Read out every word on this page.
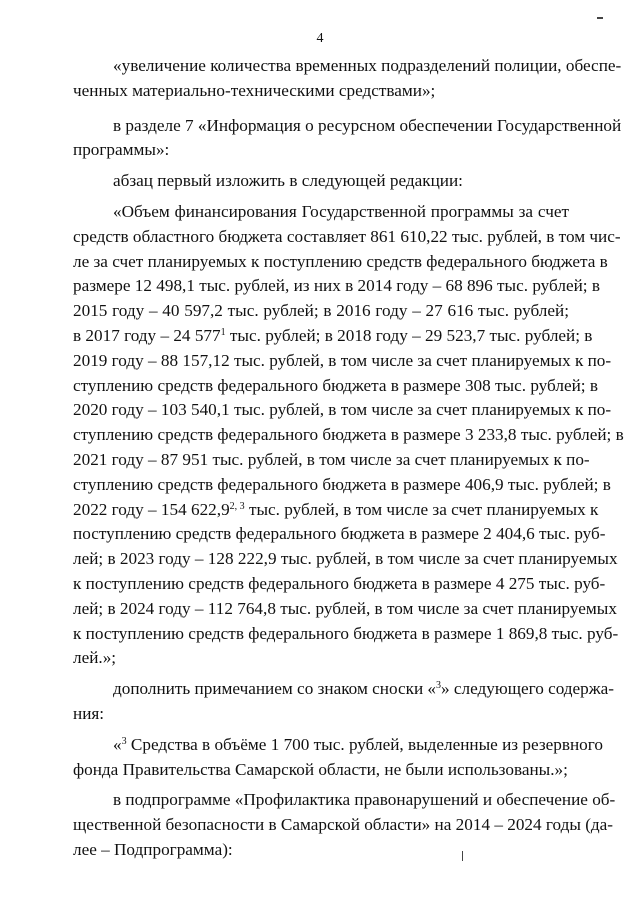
4
«увеличение количества временных подразделений полиции, обеспе-
ченных материально-техническими средствами»;
в разделе 7 «Информация о ресурсном обеспечении Государственной
программы»:
абзац первый изложить в следующей редакции:
«Объем финансирования Государственной программы за счет
средств областного бюджета составляет 861 610,22 тыс. рублей, в том чис-
ле за счет планируемых к поступлению средств федерального бюджета в
размере 12 498,1 тыс. рублей, из них в 2014 году – 68 896 тыс. рублей; в
2015 году – 40 597,2 тыс. рублей; в 2016 году – 27 616 тыс. рублей;
в 2017 году – 24 $577^1$ тыс. рублей; в 2018 году – 29 523,7 тыс. рублей; в
2019 году – 88 157,12 тыс. рублей, в том числе за счет планируемых к по-
ступлению средств федерального бюджета в размере 308 тыс. рублей; в
2020 году – 103 540,1 тыс. рублей, в том числе за счет планируемых к по-
ступлению средств федерального бюджета в размере 3 233,8 тыс. рублей; в
2021 году – 87 951 тыс. рублей, в том числе за счет планируемых к по-
ступлению средств федерального бюджета в размере 406,9 тыс. рублей; в
2022 году – 154 622,9$^{2, 3}$ тыс. рублей, в том числе за счет планируемых к
поступлению средств федерального бюджета в размере 2 404,6 тыс. руб-
лей; в 2023 году – 128 222,9 тыс. рублей, в том числе за счет планируемых
к поступлению средств федерального бюджета в размере 4 275 тыс. руб-
лей; в 2024 году – 112 764,8 тыс. рублей, в том числе за счет планируемых
к поступлению средств федерального бюджета в размере 1 869,8 тыс. руб-
лей.»;
дополнить примечанием со знаком сноски «$^3$» следующего содержа-
ния:
«$^3$ Средства в объёме 1 700 тыс. рублей, выделенные из резервного
фонда Правительства Самарской области, не были использованы.»;
в подпрограмме «Профилактика правонарушений и обеспечение об-
щественной безопасности в Самарской области» на 2014 – 2024 годы (да-
лее – Подпрограмма):
